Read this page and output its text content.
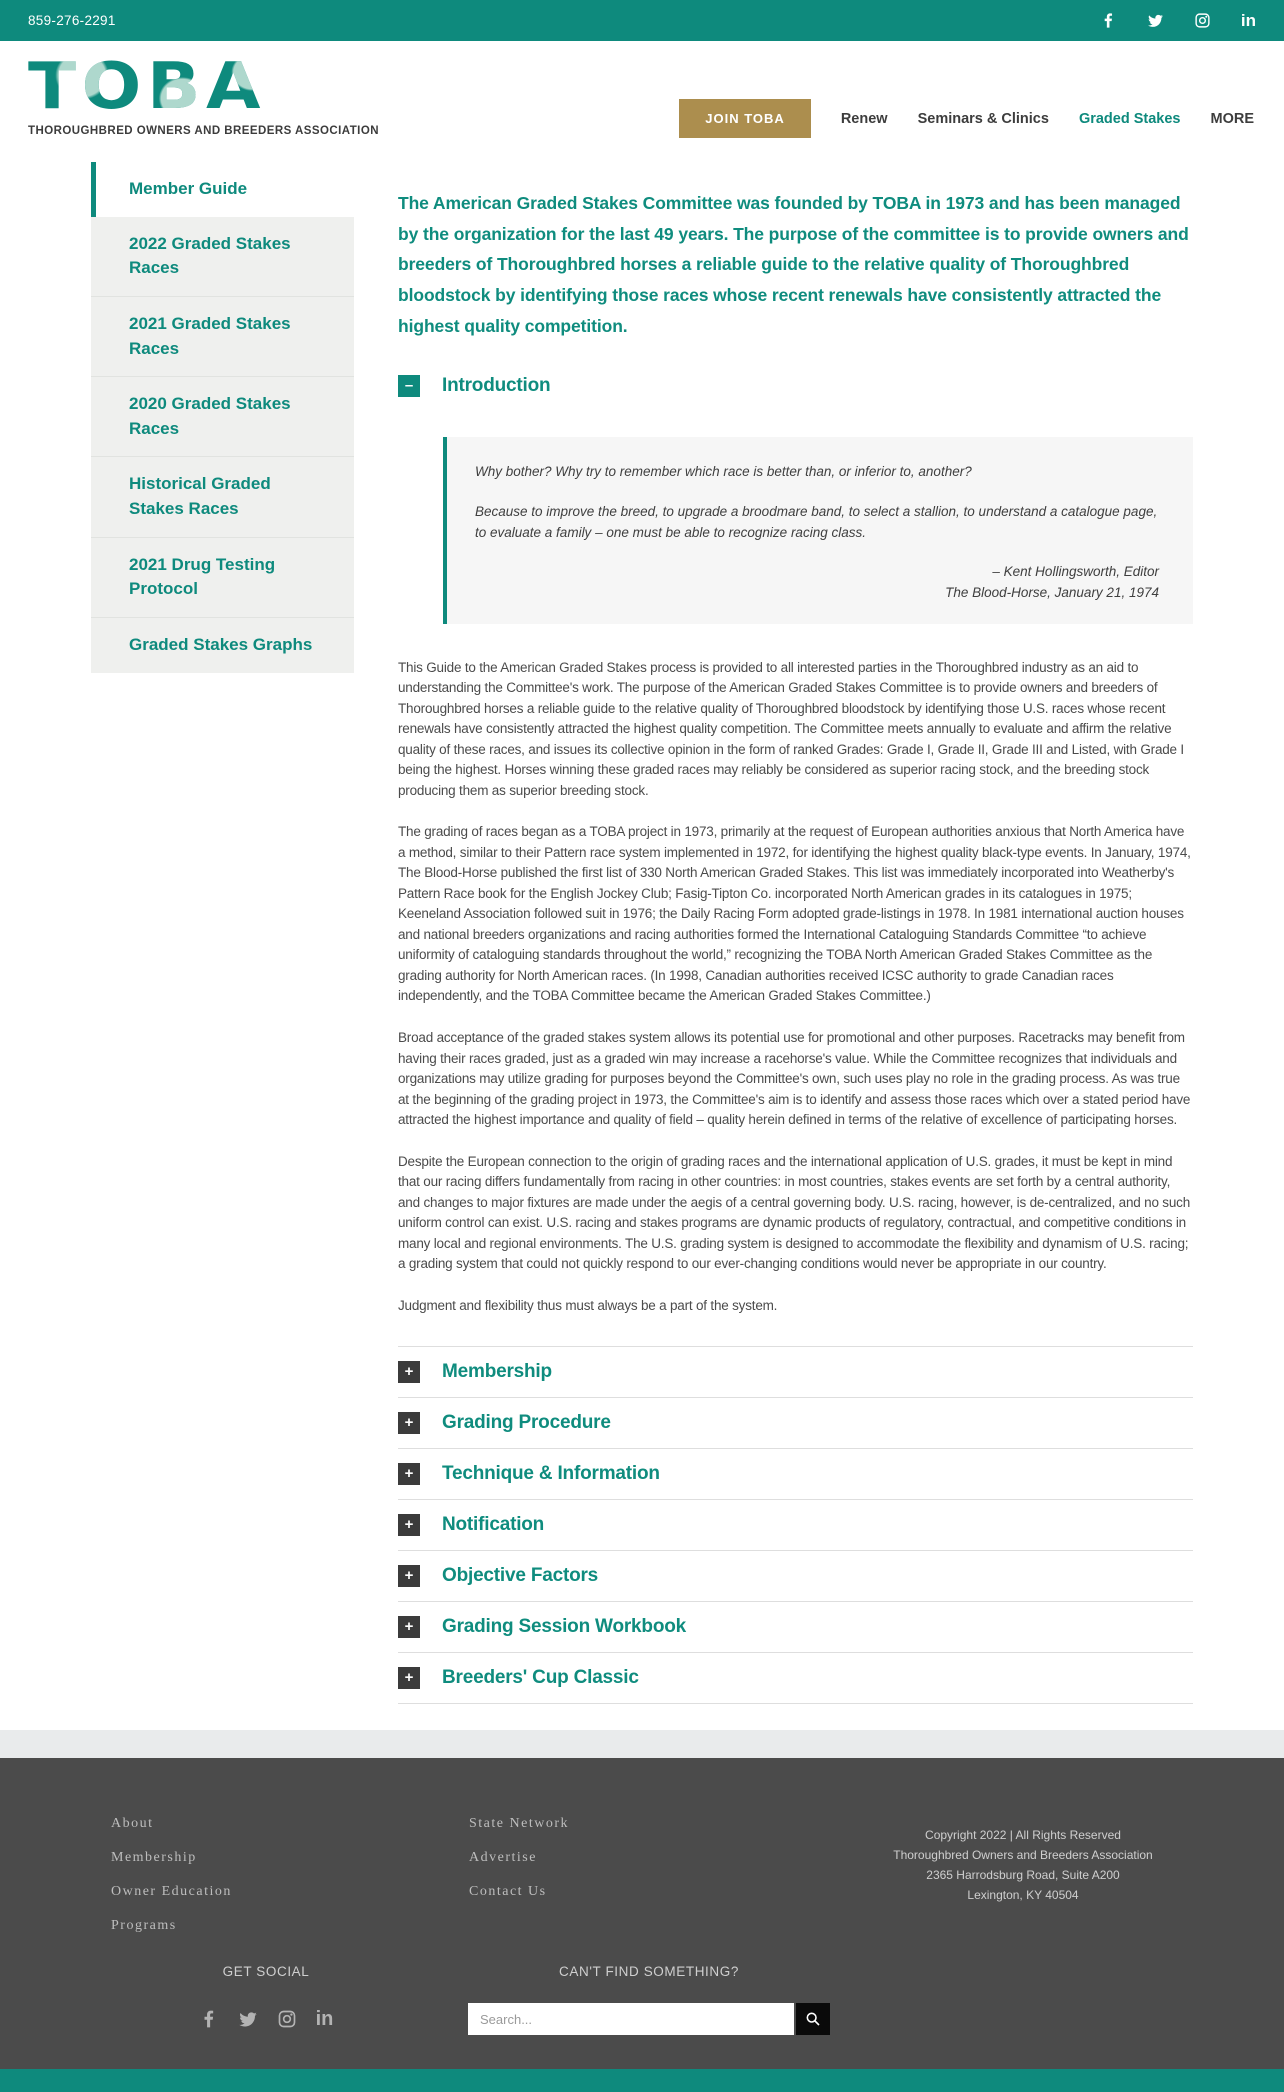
859-276-2291	in
TOBA
THOROUGHBRED OWNERS AND BREEDERS ASSOCIATION
JOIN TOBA	Renew Seminars & Clinics Graded Stakes MORE
Member Guide
2022 Graded Stakes Races
2021 Graded Stakes Races
2020 Graded Stakes Races
Historical Graded Stakes Races
2021 Drug Testing Protocol
Graded Stakes Graphs

The American Graded Stakes Committee was founded by TOBA in 1973 and has been managed by the organization for the last 49 years. The purpose of the committee is to provide owners and breeders of Thoroughbred horses a reliable guide to the relative quality of Thoroughbred bloodstock by identifying those races whose recent renewals have consistently attracted the highest quality competition.

–	Introduction

Why bother? Why try to remember which race is better than, or inferior to, another?

Because to improve the breed, to upgrade a broodmare band, to select a stallion, to understand a catalogue page, to evaluate a family – one must be able to recognize racing class.

– Kent Hollingsworth, Editor
The Blood-Horse, January 21, 1974

This Guide to the American Graded Stakes process is provided to all interested parties in the Thoroughbred industry as an aid to understanding the Committee's work. The purpose of the American Graded Stakes Committee is to provide owners and breeders of Thoroughbred horses a reliable guide to the relative quality of Thoroughbred bloodstock by identifying those U.S. races whose recent renewals have consistently attracted the highest quality competition. The Committee meets annually to evaluate and affirm the relative quality of these races, and issues its collective opinion in the form of ranked Grades: Grade I, Grade II, Grade III and Listed, with Grade I being the highest. Horses winning these graded races may reliably be considered as superior racing stock, and the breeding stock producing them as superior breeding stock.

The grading of races began as a TOBA project in 1973, primarily at the request of European authorities anxious that North America have a method, similar to their Pattern race system implemented in 1972, for identifying the highest quality black-type events. In January, 1974, The Blood-Horse published the first list of 330 North American Graded Stakes. This list was immediately incorporated into Weatherby's Pattern Race book for the English Jockey Club; Fasig-Tipton Co. incorporated North American grades in its catalogues in 1975; Keeneland Association followed suit in 1976; the Daily Racing Form adopted grade-listings in 1978. In 1981 international auction houses and national breeders organizations and racing authorities formed the International Cataloguing Standards Committee “to achieve uniformity of cataloguing standards throughout the world,” recognizing the TOBA North American Graded Stakes Committee as the grading authority for North American races. (In 1998, Canadian authorities received ICSC authority to grade Canadian races independently, and the TOBA Committee became the American Graded Stakes Committee.)

Broad acceptance of the graded stakes system allows its potential use for promotional and other purposes. Racetracks may benefit from having their races graded, just as a graded win may increase a racehorse's value. While the Committee recognizes that individuals and organizations may utilize grading for purposes beyond the Committee's own, such uses play no role in the grading process. As was true at the beginning of the grading project in 1973, the Committee's aim is to identify and assess those races which over a stated period have attracted the highest importance and quality of field – quality herein defined in terms of the relative of excellence of participating horses.

Despite the European connection to the origin of grading races and the international application of U.S. grades, it must be kept in mind that our racing differs fundamentally from racing in other countries: in most countries, stakes events are set forth by a central authority, and changes to major fixtures are made under the aegis of a central governing body. U.S. racing, however, is de-centralized, and no such uniform control can exist. U.S. racing and stakes programs are dynamic products of regulatory, contractual, and competitive conditions in many local and regional environments. The U.S. grading system is designed to accommodate the flexibility and dynamism of U.S. racing; a grading system that could not quickly respond to our ever-changing conditions would never be appropriate in our country.

Judgment and flexibility thus must always be a part of the system.

+	Membership
+	Grading Procedure
+	Technique & Information
+	Notification
+	Objective Factors
+	Grading Session Workbook
+	Breeders' Cup Classic
About
Membership
Owner Education
Programs
State Network
Advertise
Contact Us
Copyright 2022 | All Rights Reserved
Thoroughbred Owners and Breeders Association
2365 Harrodsburg Road, Suite A200
Lexington, KY 40504
GET SOCIAL
in
CAN'T FIND SOMETHING?
Search...
